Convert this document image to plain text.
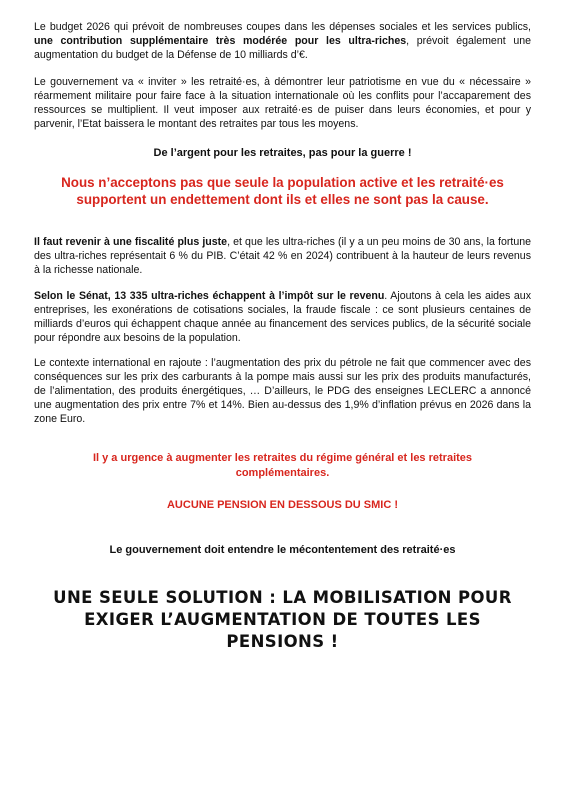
Le budget 2026 qui prévoit de nombreuses coupes dans les dépenses sociales et les services publics, une contribution supplémentaire très modérée pour les ultra-riches, prévoit également une augmentation du budget de la Défense de 10 milliards d’€.

Le gouvernement va « inviter » les retraité·es, à démontrer leur patriotisme en vue du « nécessaire » réarmement militaire pour faire face à la situation internationale où les conflits pour l’accaparement des ressources se multiplient. Il veut imposer aux retraité·es de puiser dans leurs économies, et pour y parvenir, l’Etat baissera le montant des retraites par tous les moyens.

De l’argent pour les retraites, pas pour la guerre !

Nous n’acceptons pas que seule la population active et les retraité·es
supportent un endettement dont ils et elles ne sont pas la cause.

Il faut revenir à une fiscalité plus juste, et que les ultra-riches (il y a un peu moins de 30 ans, la fortune des ultra-riches représentait 6 % du PIB. C’était 42 % en 2024) contribuent à la hauteur de leurs revenus à la richesse nationale.

Selon le Sénat, 13 335 ultra-riches échappent à l’impôt sur le revenu. Ajoutons à cela les aides aux entreprises, les exonérations de cotisations sociales, la fraude fiscale : ce sont plusieurs centaines de milliards d’euros qui échappent chaque année au financement des services publics, de la sécurité sociale pour répondre aux besoins de la population.

Le contexte international en rajoute : l’augmentation des prix du pétrole ne fait que commencer avec des conséquences sur les prix des carburants à la pompe mais aussi sur les prix des produits manufacturés, de l’alimentation, des produits énergétiques, … D’ailleurs, le PDG des enseignes LECLERC a annoncé une augmentation des prix entre 7% et 14%. Bien au-dessus des 1,9% d’inflation prévus en 2026 dans la zone Euro.

Il y a urgence à augmenter les retraites du régime général et les retraites
complémentaires.

AUCUNE PENSION EN DESSOUS DU SMIC !

Le gouvernement doit entendre le mécontentement des retraité·es

UNE SEULE SOLUTION : LA MOBILISATION POUR
EXIGER L’AUGMENTATION DE TOUTES LES
PENSIONS !
